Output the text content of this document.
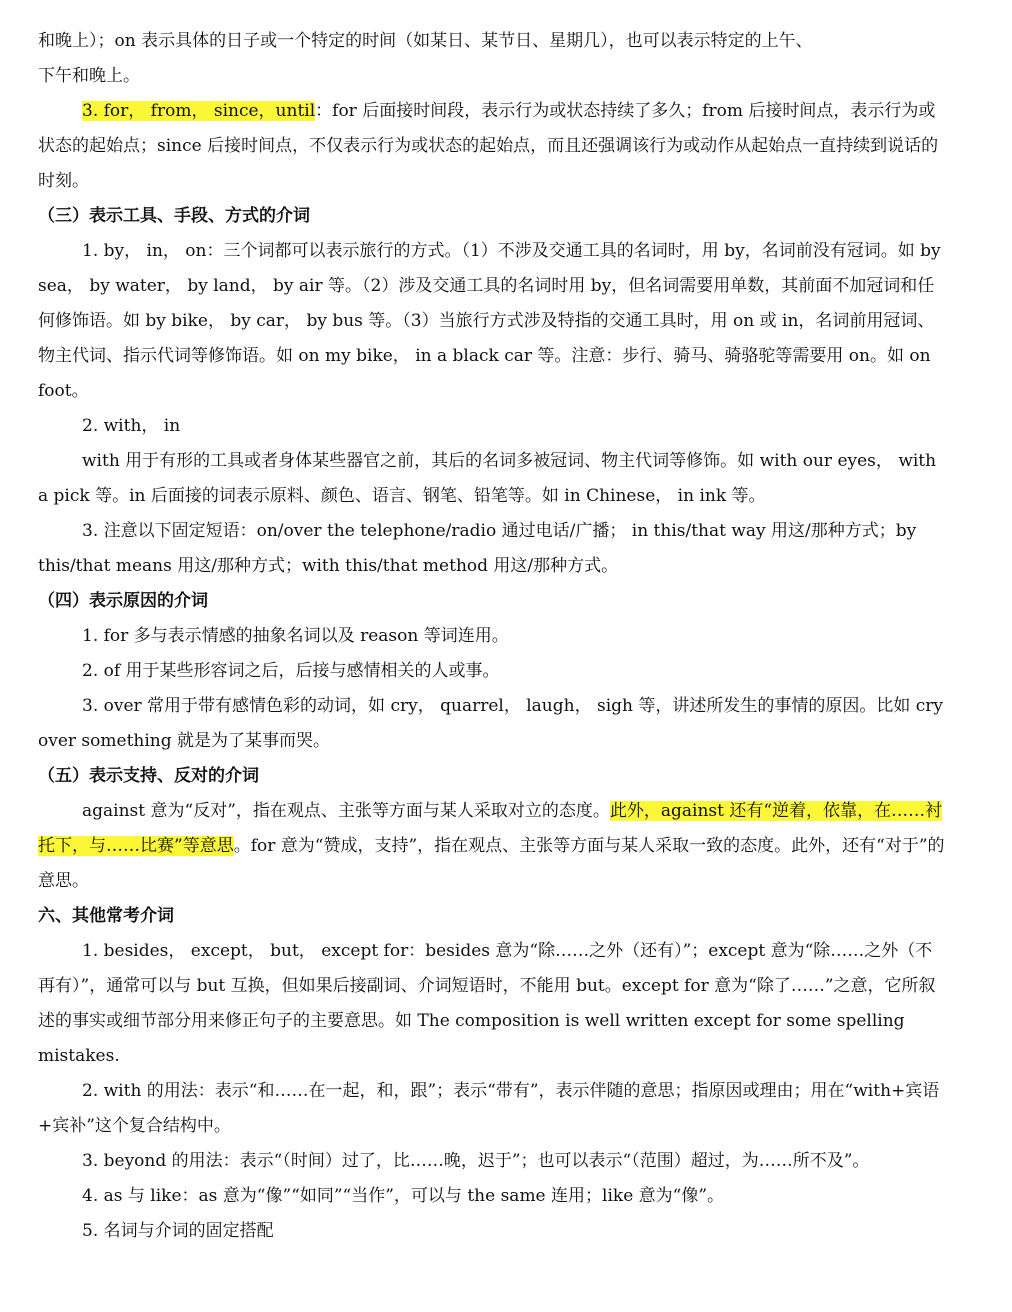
​

和晚上）；on 表示具体的日子或一个特定的时间（如某日、某节日、星期几），也可以表示特定的上午、

下午和晚上。

3. for， from， since，until：for 后面接时间段，表示行为或状态持续了多久；from 后接时间点，表示行为或状态的起始点；since 后接时间点，不仅表示行为或状态的起始点，而且还强调该行为或动作从起始点一直持续到说话的时刻。

（三）表示工具、手段、方式的介词

1. by， in， on：三个词都可以表示旅行的方式。（1）不涉及交通工具的名词时，用 by，名词前没有冠词。如 by sea， by water， by land， by air 等。（2）涉及交通工具的名词时用 by，但名词需要用单数，其前面不加冠词和任何修饰语。如 by bike， by car， by bus 等。（3）当旅行方式涉及特指的交通工具时，用 on 或 in，名词前用冠词、物主代词、指示代词等修饰语。如 on my bike， in a black car 等。注意：步行、骑马、骑骆驼等需要用 on。如 on foot。

2. with， in

with 用于有形的工具或者身体某些器官之前，其后的名词多被冠词、物主代词等修饰。如 with our eyes， with a pick 等。in 后面接的词表示原料、颜色、语言、钢笔、铅笔等。如 in Chinese， in ink 等。

3. 注意以下固定短语：on/over the telephone/radio 通过电话/广播； in this/that way 用这/那种方式；by this/that means 用这/那种方式；with this/that method 用这/那种方式。

（四）表示原因的介词

1. for 多与表示情感的抽象名词以及 reason 等词连用。

2. of 用于某些形容词之后，后接与感情相关的人或事。

3. over 常用于带有感情色彩的动词，如 cry， quarrel， laugh， sigh 等，讲述所发生的事情的原因。比如 cry over something 就是为了某事而哭。

（五）表示支持、反对的介词

against 意为“反对”，指在观点、主张等方面与某人采取对立的态度。此外，against 还有“逆着，依靠，在……衬托下，与……比赛”等意思。for 意为“赞成，支持”，指在观点、主张等方面与某人采取一致的态度。此外，还有“对于”的意思。

六、其他常考介词

1. besides， except， but， except for：besides 意为“除……之外（还有）”；except 意为“除……之外（不再有）”，通常可以与 but 互换，但如果后接副词、介词短语时，不能用 but。except for 意为“除了……”之意，它所叙述的事实或细节部分用来修正句子的主要意思。如 The composition is well written except for some spelling mistakes.

2. with 的用法：表示“和……在一起，和，跟”；表示“带有”，表示伴随的意思；指原因或理由；用在“with+宾语+宾补”这个复合结构中。

3. beyond 的用法：表示“（时间）过了，比……晚，迟于”；也可以表示“（范围）超过，为……所不及”。

4. as 与 like：as 意为“像”“如同”“当作”，可以与 the same 连用；like 意为“像”。

5. 名词与介词的固定搭配
